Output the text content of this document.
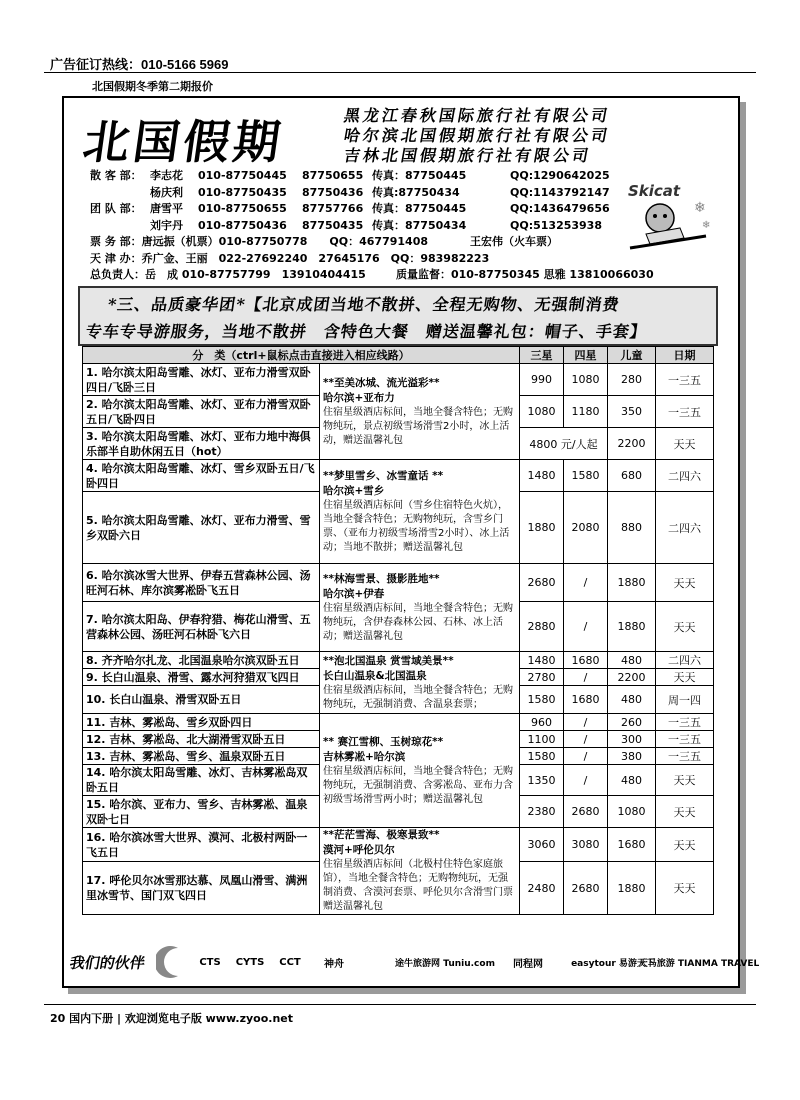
广告征订热线：010-5166 5969
北国假期冬季第二期报价
北国假期	黑龙江春秋国际旅行社有限公司
哈尔滨北国假期旅行社有限公司
吉林北国假期旅行社有限公司
散 客 部： 李志花 010-87750445 87750655 传真：87750445	QQ:1290642025
杨庆利 010-87750435 87750436 传真:87750434	QQ:1143792147
团 队 部： 唐雪平 010-87750655 87757766 传真：87750445	QQ:1436479656
刘宇丹 010-87750436 87750435 传真：87750434	QQ:513253938
票 务 部：唐远振（机票）010-87750778　　QQ：467791408	王宏伟（火车票）
天 津 办：乔广金、王丽　022-27692240　27645176　QQ：983982223
总负责人：岳　成 010-87757799　13910404415	质量监督：010-87750345 思雅 13810066030
Skicat
❄
❄
*三、品质豪华团*【北京成团当地不散拼、全程无购物、无强制消费
专车专导游服务，当地不散拼　含特色大餐　赠送温馨礼包：帽子、手套】
分　类（ctrl+鼠标点击直接进入相应线路）		三星	四星	儿童	日期
1. 哈尔滨太阳岛雪雕、冰灯、亚布力滑雪双卧四日/飞卧三日	**至美冰城、流光溢彩**
哈尔滨+亚布力
住宿星级酒店标间，当地全餐含特色；无购物纯玩，景点初级雪场滑雪2小时，冰上活动，赠送温馨礼包	990	1080	280	一三五
2. 哈尔滨太阳岛雪雕、冰灯、亚布力滑雪双卧五日/飞卧四日		1080	1180	350	一三五
3. 哈尔滨太阳岛雪雕、冰灯、亚布力地中海俱乐部半自助休闲五日（hot）		4800 元/人起		2200	天天
4. 哈尔滨太阳岛雪雕、冰灯、雪乡双卧五日/飞卧四日	**梦里雪乡、冰雪童话 **
哈尔滨+雪乡
住宿星级酒店标间（雪乡住宿特色火炕），当地全餐含特色；无购物纯玩，含雪乡门票、（亚布力初级雪场滑雪2小时）、冰上活动；当地不散拼；赠送温馨礼包	1480	1580	680	二四六
5. 哈尔滨太阳岛雪雕、冰灯、亚布力滑雪、雪乡双卧六日		1880	2080	880	二四六
6. 哈尔滨冰雪大世界、伊春五营森林公园、汤旺河石林、库尔滨雾凇卧飞五日	**林海雪景、摄影胜地**
哈尔滨+伊春
住宿星级酒店标间，当地全餐含特色；无购物纯玩，含伊春森林公园、石林、冰上活动；赠送温馨礼包	2680	/	1880	天天
7. 哈尔滨太阳岛、伊春狩猎、梅花山滑雪、五营森林公园、汤旺河石林卧飞六日		2880	/	1880	天天
8. 齐齐哈尔扎龙、北国温泉哈尔滨双卧五日	**泡北国温泉 赏雪域美景**
长白山温泉&北国温泉
住宿星级酒店标间，当地全餐含特色；无购物纯玩，无强制消费、含温泉套票；	1480	1680	480	二四六
9. 长白山温泉、滑雪、露水河狩猎双飞四日		2780	/	2200	天天
10. 长白山温泉、滑雪双卧五日		1580	1680	480	周一四
11. 吉林、雾凇岛、雪乡双卧四日	** 赛江雪柳、玉树琼花**
吉林雾凇+哈尔滨
住宿星级酒店标间，当地全餐含特色；无购物纯玩，无强制消费、含雾凇岛、亚布力含初级雪场滑雪两小时；赠送温馨礼包	960	/	260	一三五
12. 吉林、雾凇岛、北大湖滑雪双卧五日		1100	/	300	一三五
13. 吉林、雾凇岛、雪乡、温泉双卧五日		1580	/	380	一三五
14. 哈尔滨太阳岛雪雕、冰灯、吉林雾凇岛双卧五日		1350	/	480	天天
15. 哈尔滨、亚布力、雪乡、吉林雾凇、温泉双卧七日		2380	2680	1080	天天
16. 哈尔滨冰雪大世界、漠河、北极村两卧一飞五日	**茫茫雪海、极寒景致**
漠河+呼伦贝尔
住宿星级酒店标间（北极村住特色家庭旅馆），当地全餐含特色；无购物纯玩，无强制消费、含漠河套票、呼伦贝尔含滑雪门票赠送温馨礼包	3060	3080	1680	天天
17. 呼伦贝尔冰雪那达慕、凤凰山滑雪、满洲里冰雪节、国门双飞四日		2480	2680	1880	天天
我们的伙伴	CTS CYTS CCT 神舟	途牛旅游网 Tuniu.com 同程网	easytour 易游天下
天马旅游 TIANMA TRAVEL
20 国内下册 | 欢迎浏览电子版 www.zyoo.net
